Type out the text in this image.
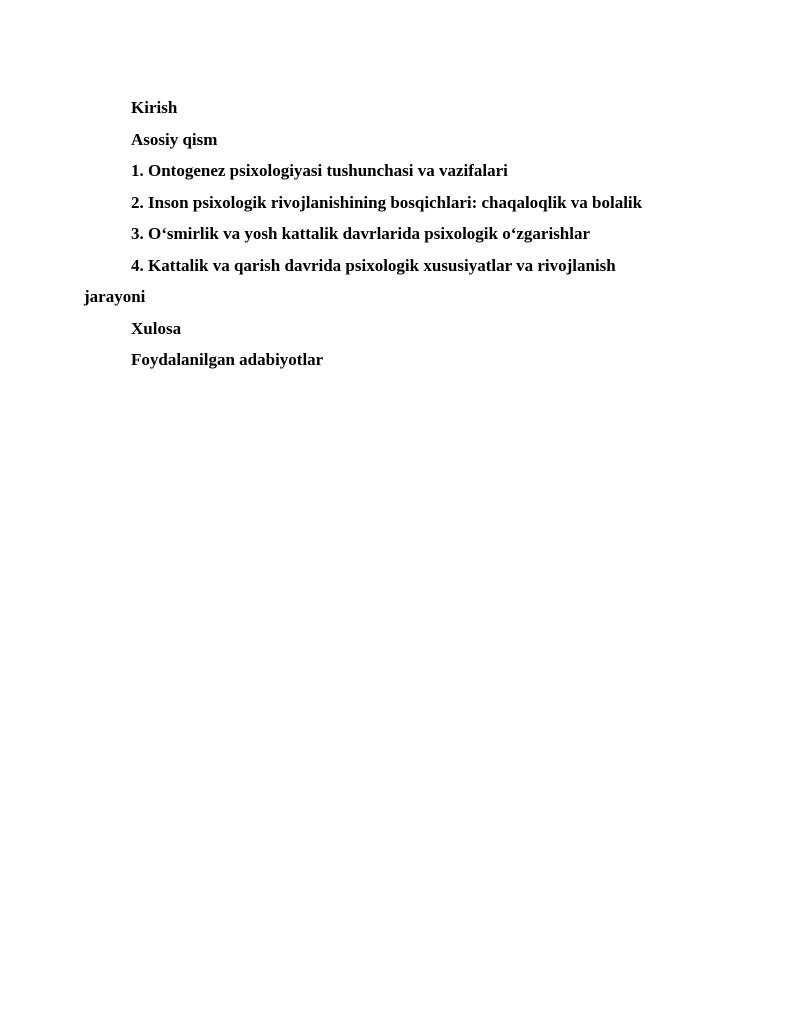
Kirish
Asosiy qism
1. Ontogenez psixologiyasi tushunchasi va vazifalari
2. Inson psixologik rivojlanishining bosqichlari: chaqaloqlik va bolalik
3. O‘smirlik va yosh kattalik davrlarida psixologik o‘zgarishlar
4. Kattalik va qarish davrida psixologik xususiyatlar va rivojlanish jarayoni
Xulosa
Foydalanilgan adabiyotlar
